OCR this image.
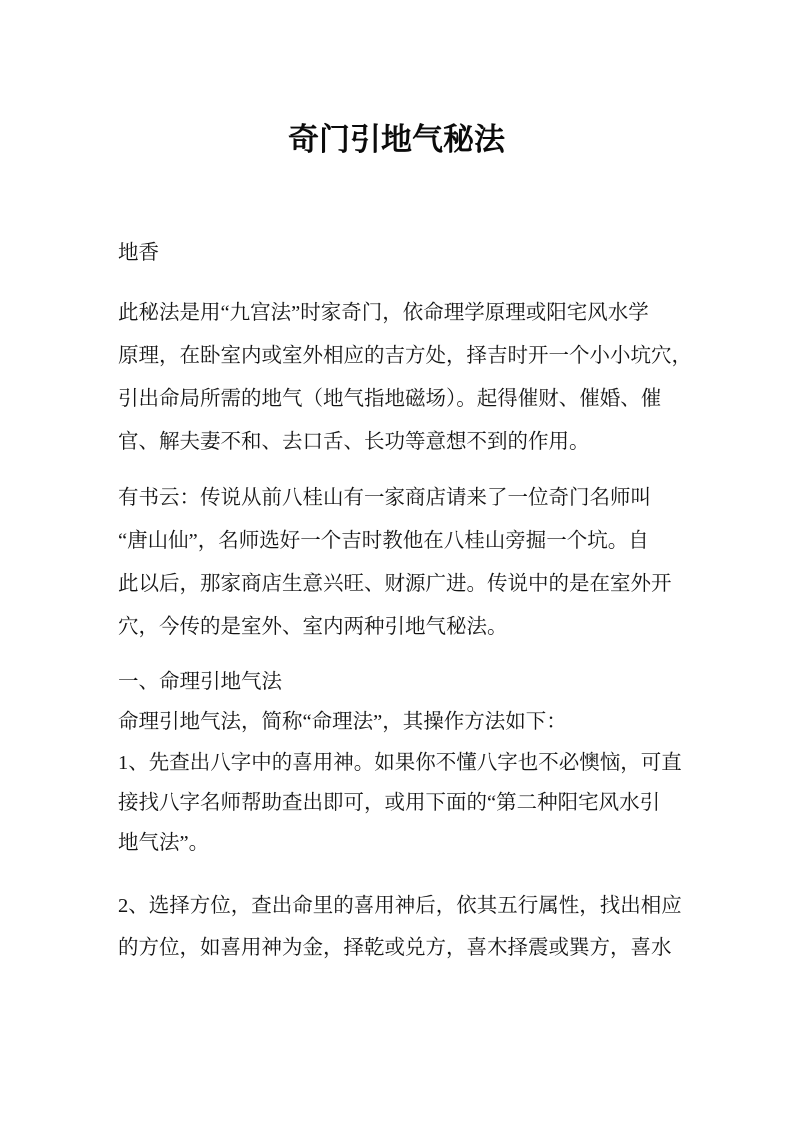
奇门引地气秘法
地香
此秘法是用“九宫法”时家奇门，依命理学原理或阳宅风水学
原理，在卧室内或室外相应的吉方处，择吉时开一个小小坑穴，
引出命局所需的地气（地气指地磁场）。起得催财、催婚、催
官、解夫妻不和、去口舌、长功等意想不到的作用。
有书云：传说从前八桂山有一家商店请来了一位奇门名师叫
“唐山仙”，名师选好一个吉时教他在八桂山旁掘一个坑。自
此以后，那家商店生意兴旺、财源广进。传说中的是在室外开
穴，今传的是室外、室内两种引地气秘法。
一、命理引地气法
命理引地气法，简称“命理法”，其操作方法如下：
1、先查出八字中的喜用神。如果你不懂八字也不必懊恼，可直
接找八字名师帮助查出即可，或用下面的“第二种阳宅风水引
地气法”。
2、选择方位，查出命里的喜用神后，依其五行属性，找出相应
的方位，如喜用神为金，择乾或兑方，喜木择震或巽方，喜水
